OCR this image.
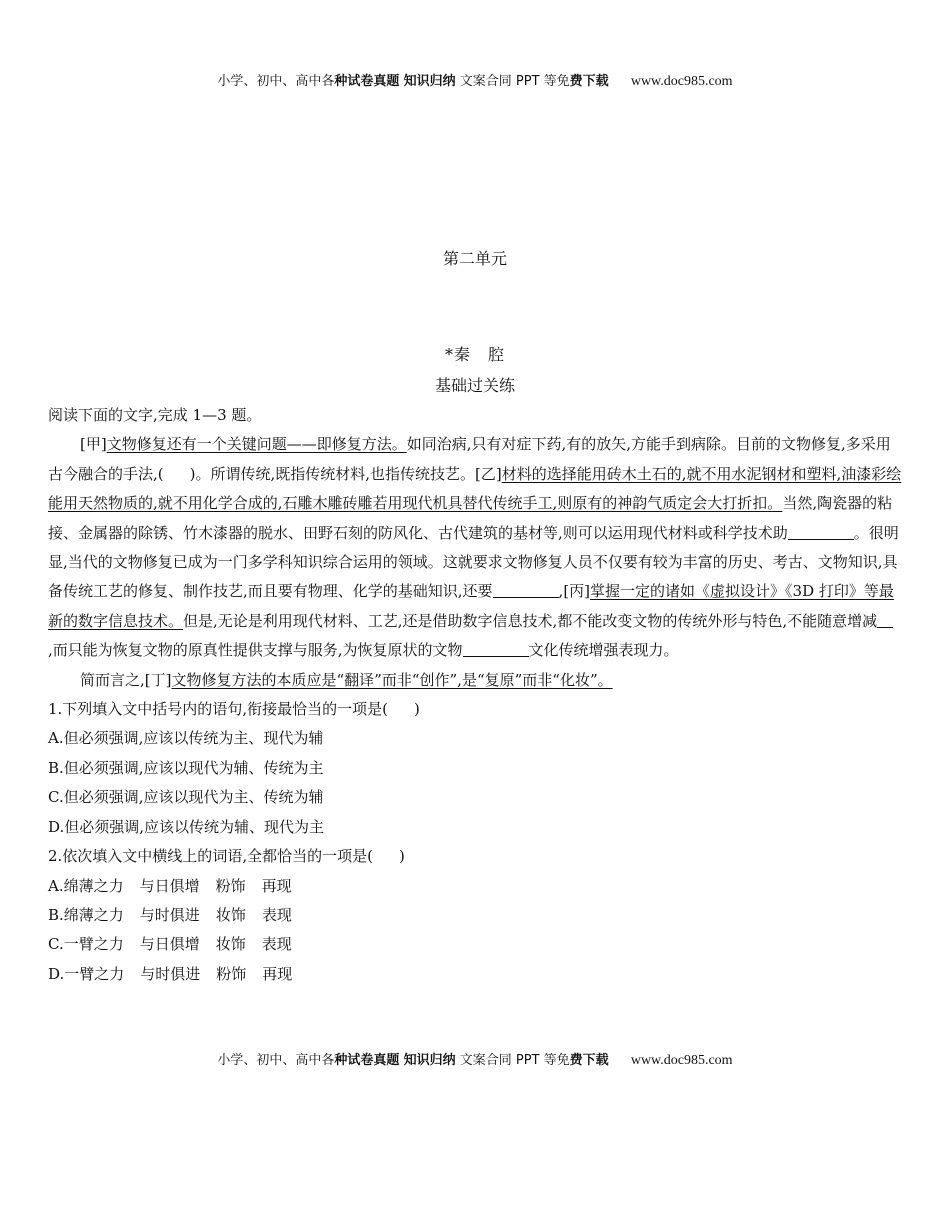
小学、初中、高中各种试卷真题 知识归纳 文案合同 PPT 等免费下载 www.doc985.com
第二单元
*秦　腔
基础过关练

阅读下面的文字,完成 1—3 题。

[甲]文物修复还有一个关键问题——即修复方法。如同治病,只有对症下药,有的放矢,方能手到病除。目前的文物修复,多采用古今融合的手法,( )。所谓传统,既指传统材料,也指传统技艺。[乙]材料的选择能用砖木土石的,就不用水泥钢材和塑料,油漆彩绘能用天然物质的,就不用化学合成的,石雕木雕砖雕若用现代机具替代传统手工,则原有的神韵气质定会大打折扣。当然,陶瓷器的粘接、金属器的除锈、竹木漆器的脱水、田野石刻的防风化、古代建筑的基材等,则可以运用现代材料或科学技术助	。很明显,当代的文物修复已成为一门多学科知识综合运用的领域。这就要求文物修复人员不仅要有较为丰富的历史、考古、文物知识,具备传统工艺的修复、制作技艺,而且要有物理、化学的基础知识,还要	,[丙]掌握一定的诸如《虚拟设计》《3D 打印》等最新的数字信息技术。但是,无论是利用现代材料、工艺,还是借助数字信息技术,都不能改变文物的传统外形与特色,不能随意增减
,而只能为恢复文物的原真性提供支撑与服务,为恢复原状的文物	文化传统增强表现力。

简而言之,[丁]文物修复方法的本质应是“翻译”而非“创作”,是“复原”而非“化妆”。

1.下列填入文中括号内的语句,衔接最恰当的一项是( )

A.但必须强调,应该以传统为主、现代为辅

B.但必须强调,应该以现代为辅、传统为主

C.但必须强调,应该以现代为主、传统为辅

D.但必须强调,应该以传统为辅、现代为主

2.依次填入文中横线上的词语,全都恰当的一项是( )

A.绵薄之力 与日俱增 粉饰 再现

B.绵薄之力 与时俱进 妆饰 表现

C.一臂之力 与日俱增 妆饰 表现

D.一臂之力 与时俱进 粉饰 再现

小学、初中、高中各种试卷真题 知识归纳 文案合同 PPT 等免费下载 www.doc985.com
